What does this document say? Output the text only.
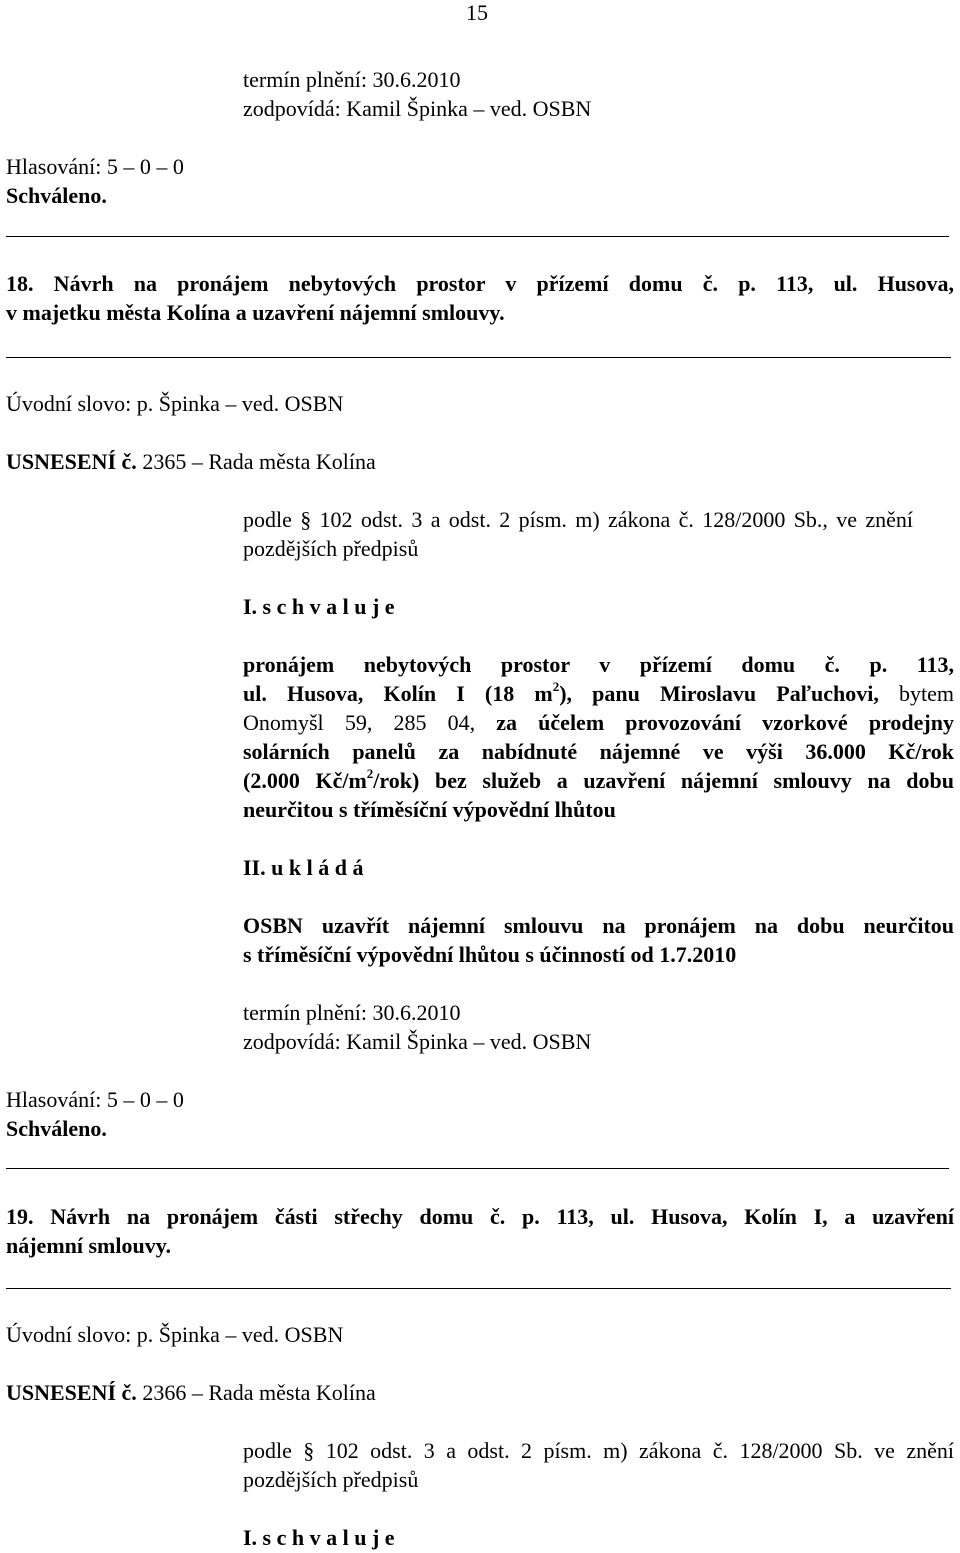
15
termín plnění: 30.6.2010
zodpovídá: Kamil Špinka – ved. OSBN
Hlasování: 5 – 0 – 0
Schváleno.
18. Návrh na pronájem nebytových prostor v přízemí domu č. p. 113, ul. Husova,
v majetku města Kolína a uzavření nájemní smlouvy.
Úvodní slovo: p. Špinka – ved. OSBN
USNESENÍ č. 2365 – Rada města Kolína
podle § 102 odst. 3 a odst. 2 písm. m) zákona č. 128/2000 Sb., ve znění pozdějších předpisů
I. s c h v a l u j e
pronájem nebytových prostor v přízemí domu č. p. 113,
ul. Husova, Kolín I (18 $m^2$), panu Miroslavu Paľuchovi, bytem
Onomyšl 59, 285 04, za účelem provozování vzorkové prodejny
solárních panelů za nabídnuté nájemné ve výši 36.000 Kč/rok
(2.000 $Kč/m^2/rok$) bez služeb a uzavření nájemní smlouvy na dobu
neurčitou s tříměsíční výpovědní lhůtou
II. u k l á d á
OSBN uzavřít nájemní smlouvu na pronájem na dobu neurčitou
s tříměsíční výpovědní lhůtou s účinností od 1.7.2010
termín plnění: 30.6.2010
zodpovídá: Kamil Špinka – ved. OSBN
Hlasování: 5 – 0 – 0
Schváleno.
19. Návrh na pronájem části střechy domu č. p. 113, ul. Husova, Kolín I, a uzavření
nájemní smlouvy.
Úvodní slovo: p. Špinka – ved. OSBN
USNESENÍ č. 2366 – Rada města Kolína
podle § 102 odst. 3 a odst. 2 písm. m) zákona č. 128/2000 Sb. ve znění
pozdějších předpisů
I. s c h v a l u j e
